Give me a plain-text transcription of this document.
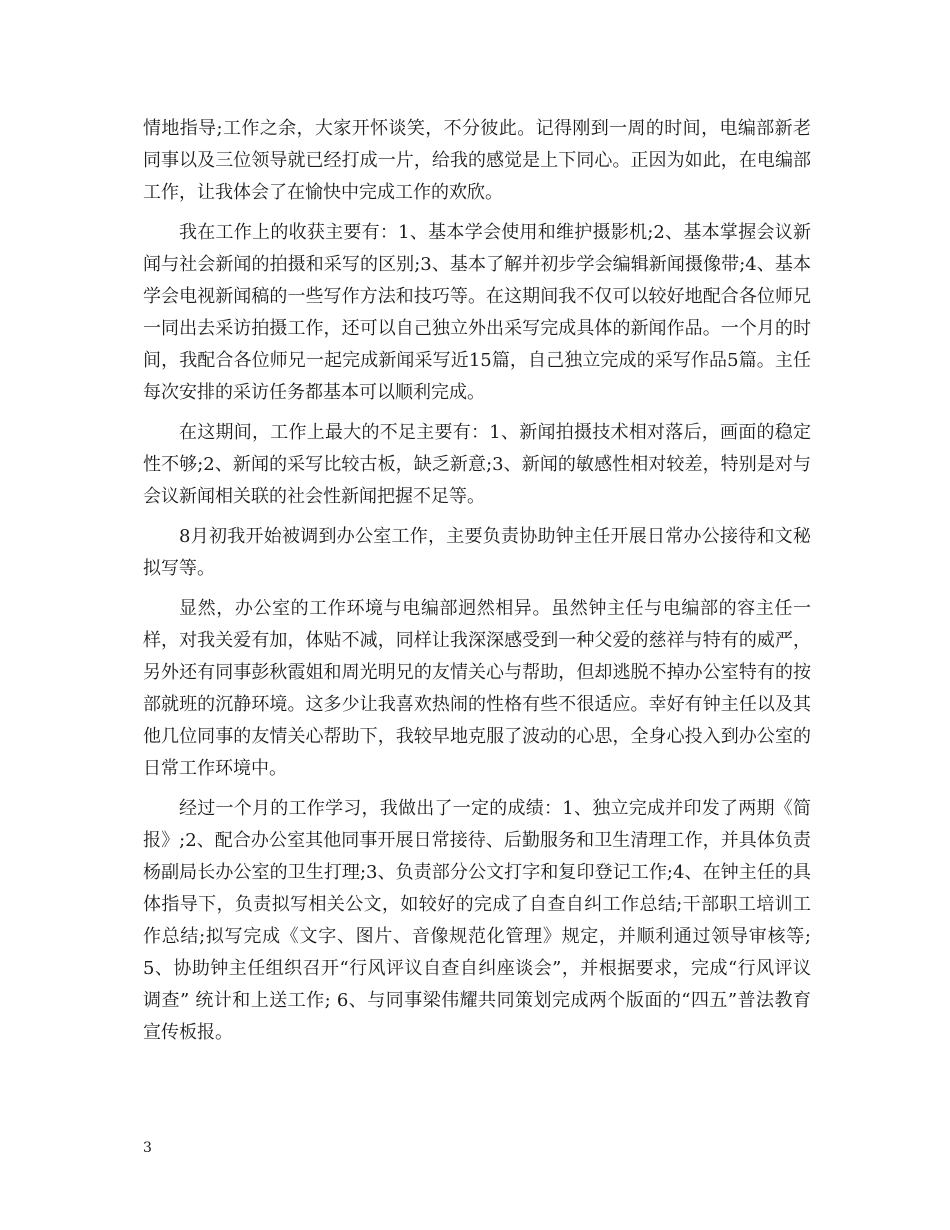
情地指导;工作之余，大家开怀谈笑，不分彼此。记得刚到一周的时间，电编部新老同事以及三位领导就已经打成一片，给我的感觉是上下同心。正因为如此，在电编部工作，让我体会了在愉快中完成工作的欢欣。

我在工作上的收获主要有：1、基本学会使用和维护摄影机;2、基本掌握会议新闻与社会新闻的拍摄和采写的区别;3、基本了解并初步学会编辑新闻摄像带;4、基本学会电视新闻稿的一些写作方法和技巧等。在这期间我不仅可以较好地配合各位师兄一同出去采访拍摄工作，还可以自己独立外出采写完成具体的新闻作品。一个月的时间，我配合各位师兄一起完成新闻采写近15篇，自己独立完成的采写作品5篇。主任每次安排的采访任务都基本可以顺利完成。

在这期间，工作上最大的不足主要有：1、新闻拍摄技术相对落后，画面的稳定性不够;2、新闻的采写比较古板，缺乏新意;3、新闻的敏感性相对较差，特别是对与会议新闻相关联的社会性新闻把握不足等。

8月初我开始被调到办公室工作，主要负责协助钟主任开展日常办公接待和文秘拟写等。

显然，办公室的工作环境与电编部迥然相异。虽然钟主任与电编部的容主任一样，对我关爱有加，体贴不减，同样让我深深感受到一种父爱的慈祥与特有的威严，另外还有同事彭秋霞姐和周光明兄的友情关心与帮助，但却逃脱不掉办公室特有的按部就班的沉静环境。这多少让我喜欢热闹的性格有些不很适应。幸好有钟主任以及其他几位同事的友情关心帮助下，我较早地克服了波动的心思，全身心投入到办公室的日常工作环境中。

经过一个月的工作学习，我做出了一定的成绩：1、独立完成并印发了两期《简报》;2、配合办公室其他同事开展日常接待、后勤服务和卫生清理工作，并具体负责杨副局长办公室的卫生打理;3、负责部分公文打字和复印登记工作;4、在钟主任的具体指导下，负责拟写相关公文，如较好的完成了自查自纠工作总结;干部职工培训工作总结;拟写完成《文字、图片、音像规范化管理》规定，并顺利通过领导审核等;5、协助钟主任组织召开“行风评议自查自纠座谈会”，并根据要求，完成“行风评议调查” 统计和上送工作; 6、与同事梁伟耀共同策划完成两个版面的“四五”普法教育宣传板报。

3
